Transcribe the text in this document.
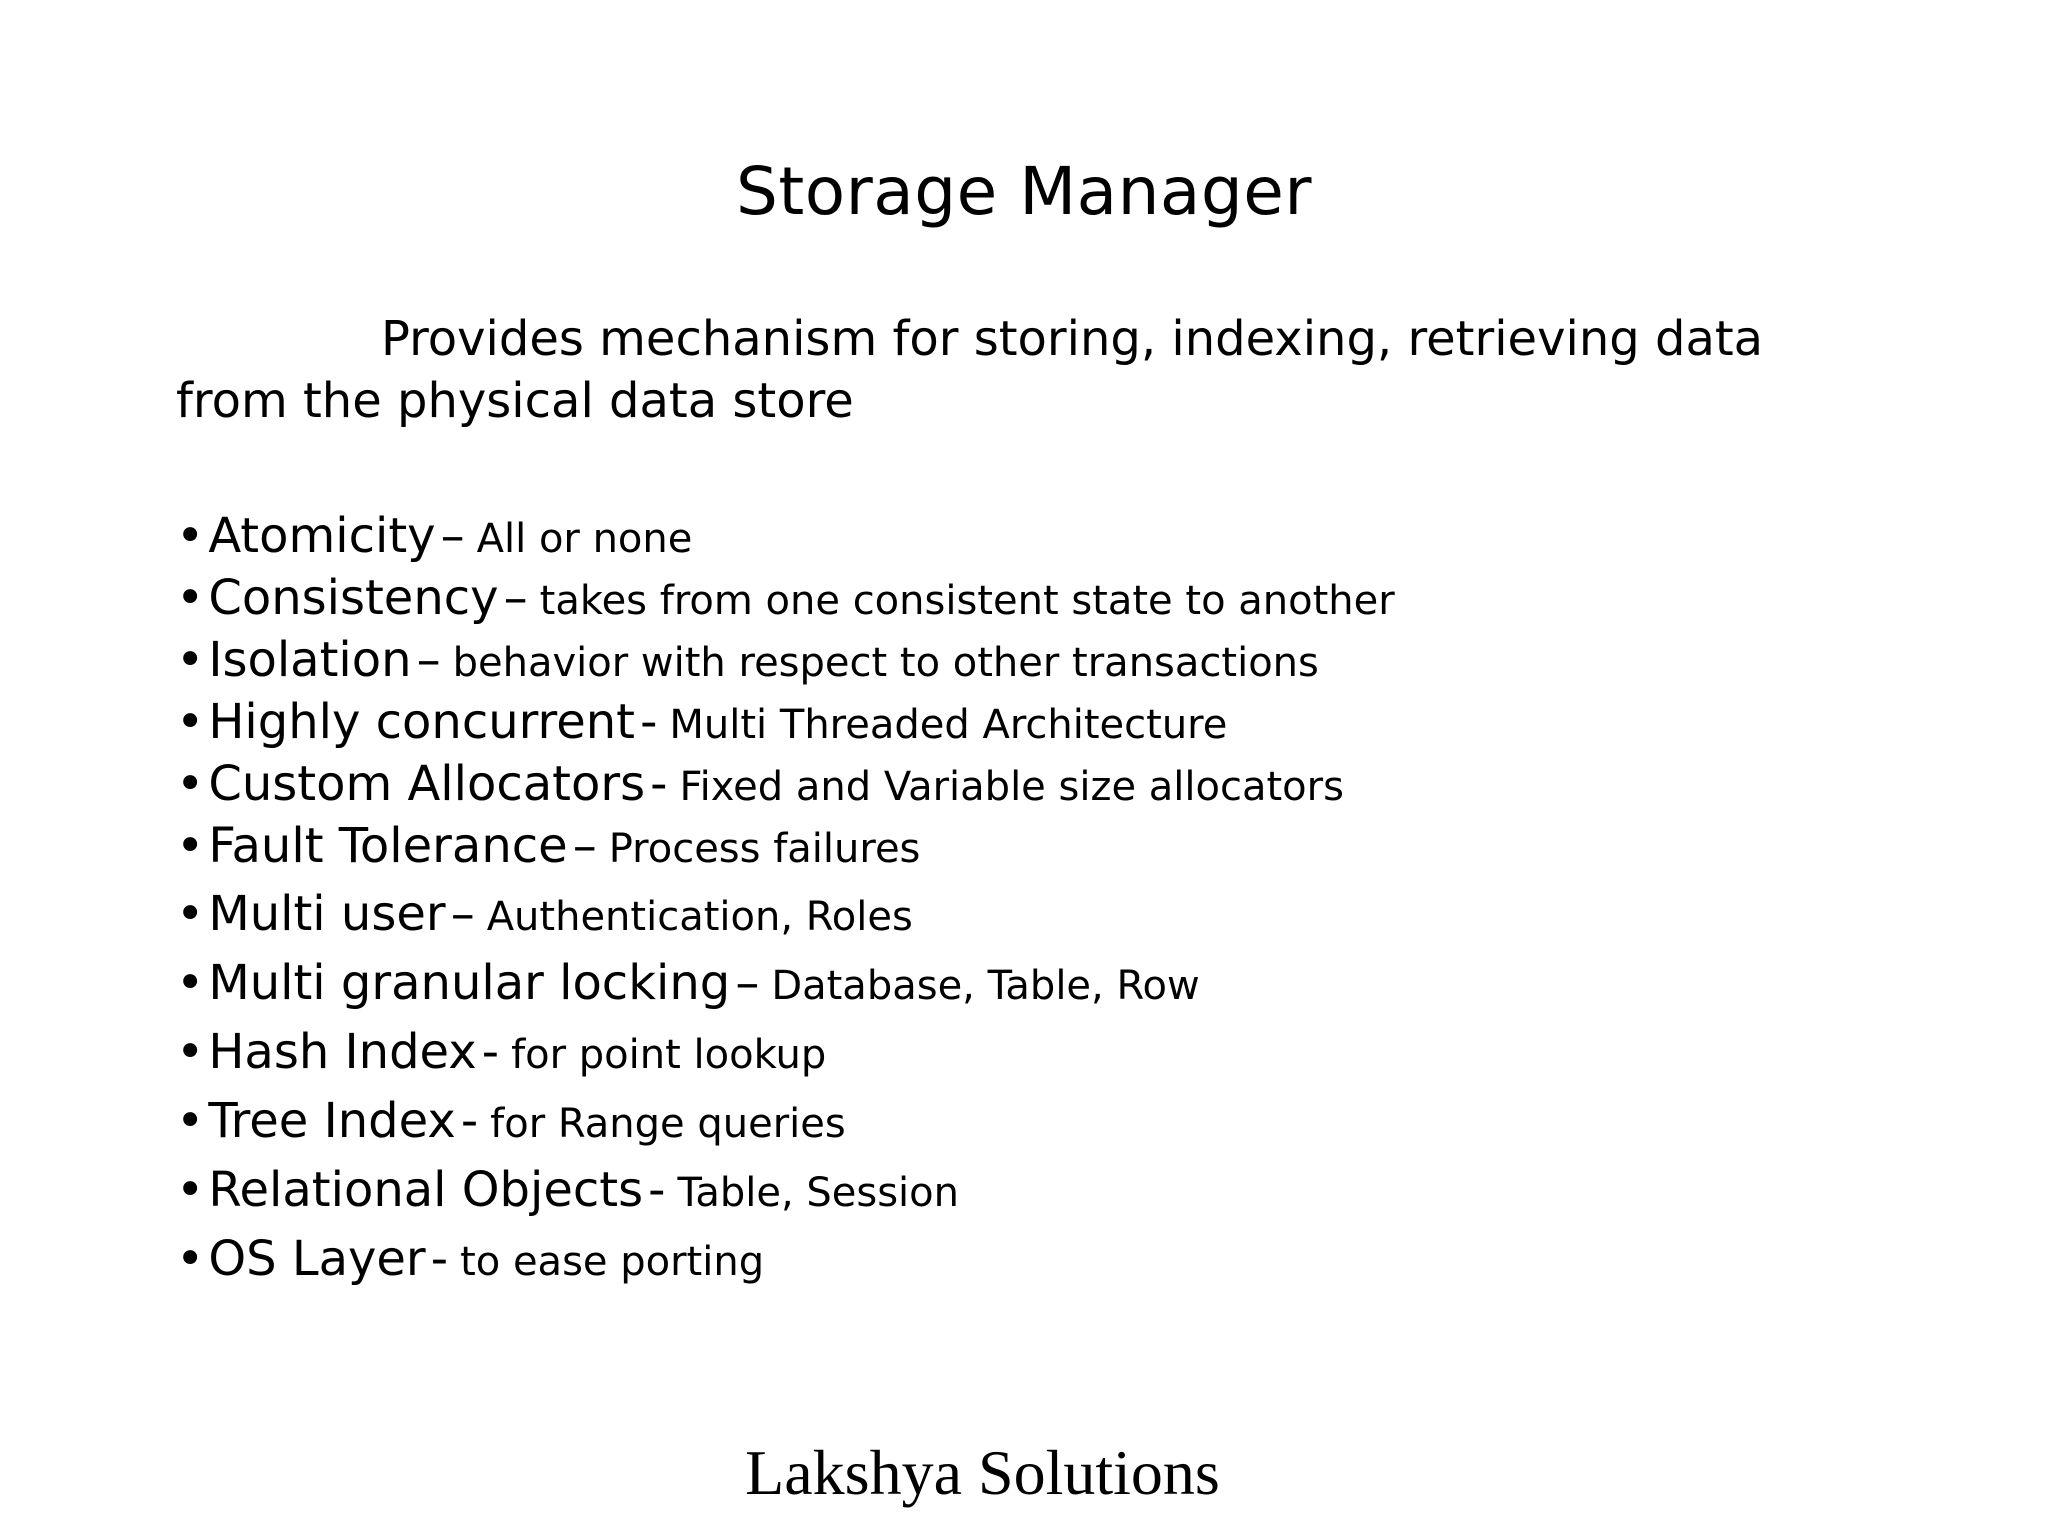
Storage Manager
Provides mechanism for storing, indexing, retrieving data from the physical data store
•Atomicity – All or none
•Consistency – takes from one consistent state to another
•Isolation – behavior with respect to other transactions
•Highly concurrent - Multi Threaded Architecture
•Custom Allocators - Fixed and Variable size allocators
•Fault Tolerance – Process failures
•Multi user – Authentication, Roles
•Multi granular locking – Database, Table, Row
•Hash Index - for point lookup
•Tree Index - for Range queries
•Relational Objects - Table, Session
•OS Layer - to ease porting
Lakshya Solutions
